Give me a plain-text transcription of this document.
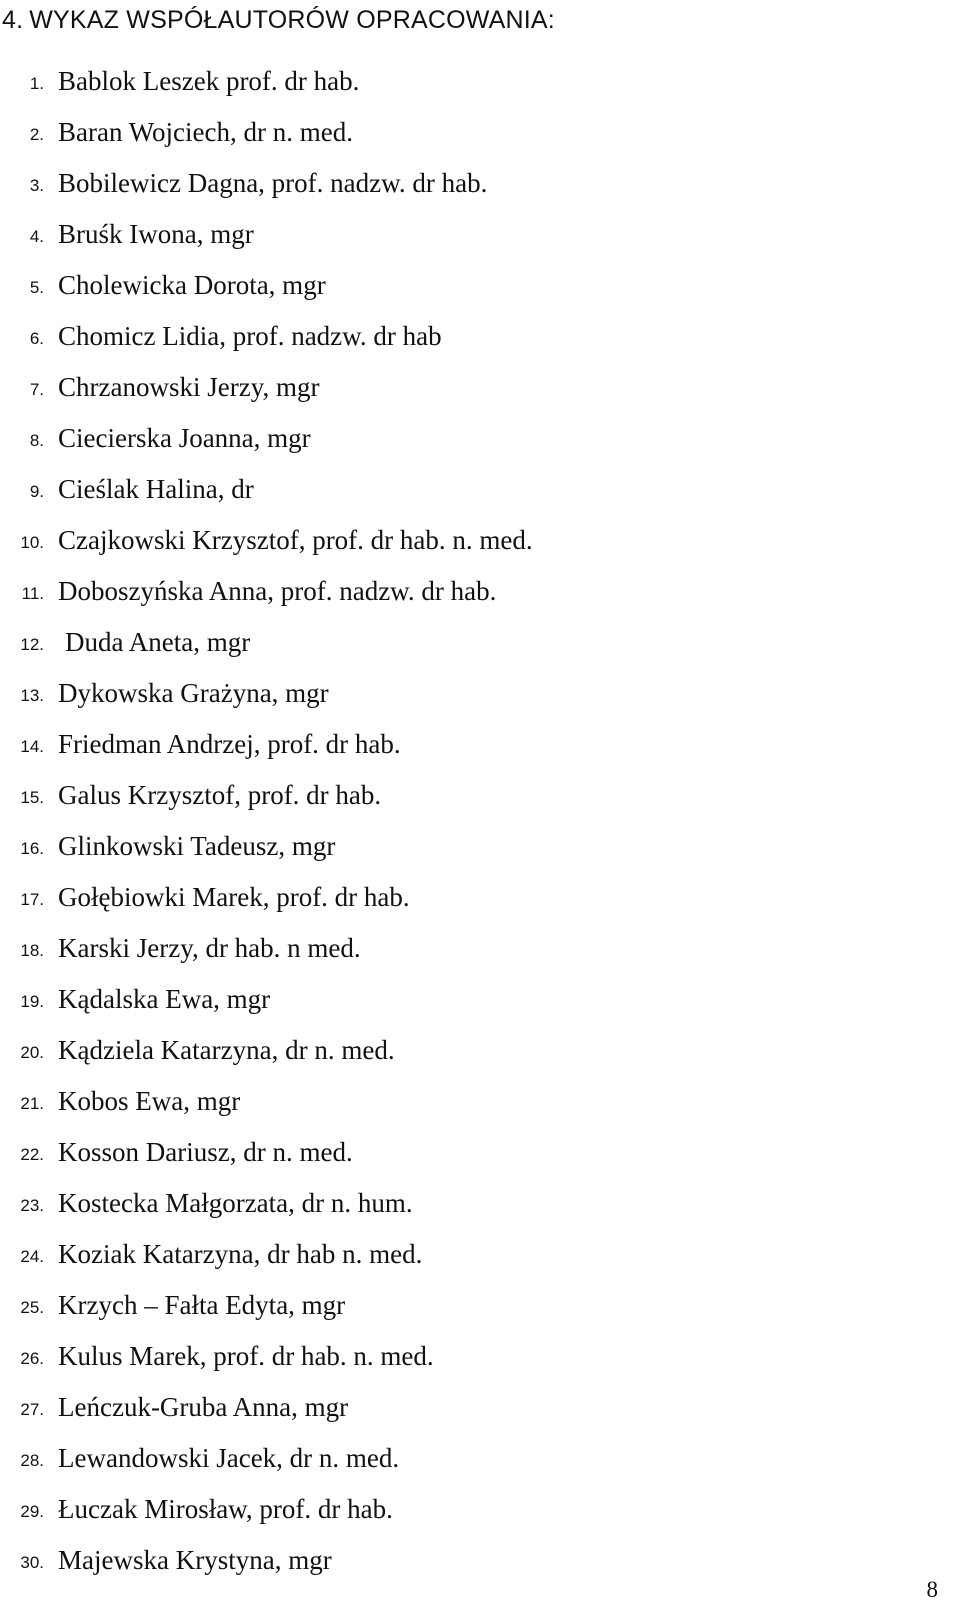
4. WYKAZ WSPÓŁAUTORÓW OPRACOWANIA:
1. Bablok Leszek prof. dr hab.
2. Baran Wojciech, dr n. med.
3. Bobilewicz Dagna, prof. nadzw. dr hab.
4. Bruśk Iwona, mgr
5. Cholewicka Dorota, mgr
6. Chomicz Lidia, prof. nadzw. dr hab
7. Chrzanowski Jerzy, mgr
8. Ciecierska Joanna, mgr
9. Cieślak Halina, dr
10. Czajkowski Krzysztof, prof. dr hab. n. med.
11. Doboszyńska Anna, prof. nadzw. dr hab.
12. Duda Aneta, mgr
13. Dykowska Grażyna, mgr
14. Friedman Andrzej, prof. dr hab.
15. Galus Krzysztof, prof. dr hab.
16. Glinkowski Tadeusz, mgr
17. Gołębiowki Marek, prof. dr hab.
18. Karski Jerzy, dr hab. n med.
19. Kądalska Ewa, mgr
20. Kądziela Katarzyna, dr n. med.
21. Kobos Ewa, mgr
22. Kosson Dariusz, dr n. med.
23. Kostecka Małgorzata, dr n. hum.
24. Koziak Katarzyna, dr hab n. med.
25. Krzych – Fałta Edyta, mgr
26. Kulus Marek, prof. dr hab. n. med.
27. Leńczuk-Gruba Anna, mgr
28. Lewandowski Jacek, dr n. med.
29. Łuczak Mirosław, prof. dr hab.
30. Majewska Krystyna, mgr
8
